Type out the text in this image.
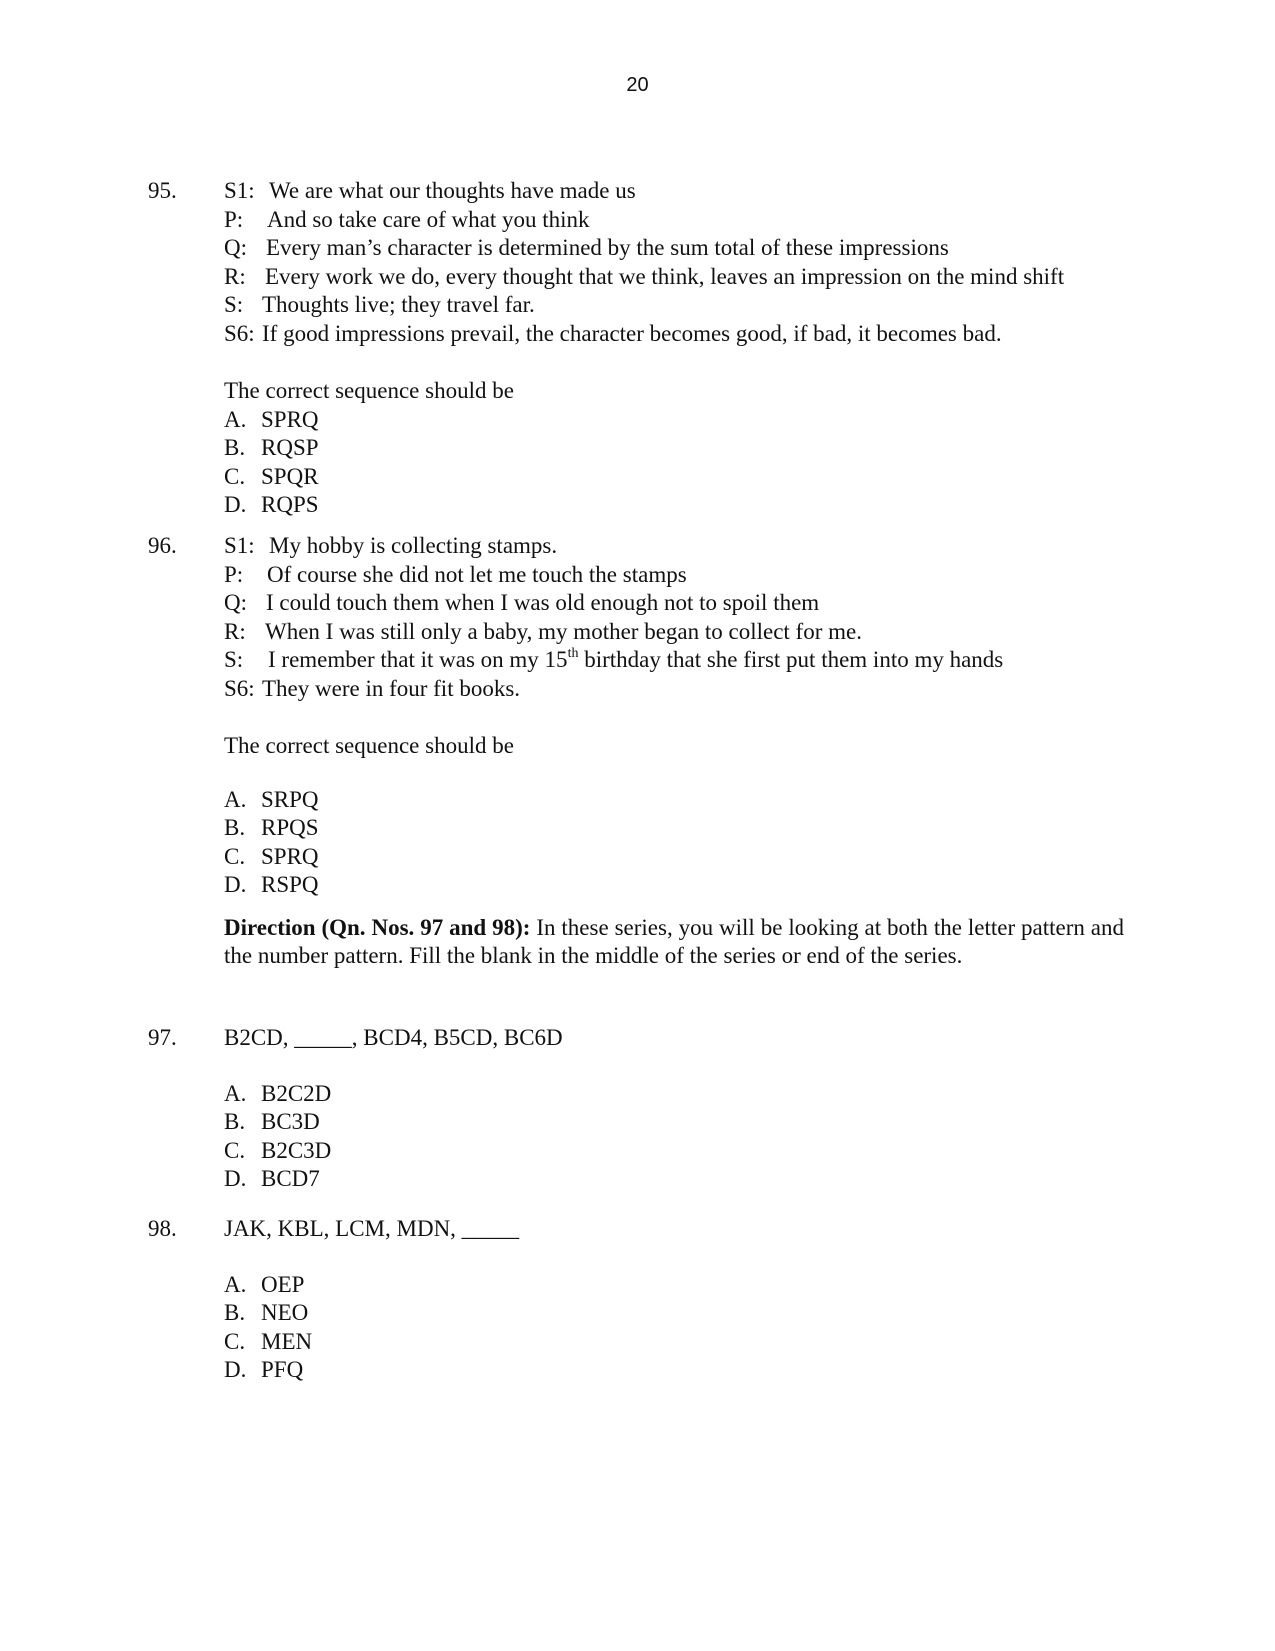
20
95. S1: We are what our thoughts have made us
P: And so take care of what you think
Q: Every man’s character is determined by the sum total of these impressions
R: Every work we do, every thought that we think, leaves an impression on the mind shift
S: Thoughts live; they travel far.
S6: If good impressions prevail, the character becomes good, if bad, it becomes bad.
The correct sequence should be
A. SPRQ
B. RQSP
C. SPQR
D. RQPS
96. S1: My hobby is collecting stamps.
P: Of course she did not let me touch the stamps
Q: I could touch them when I was old enough not to spoil them
R: When I was still only a baby, my mother began to collect for me.
S: I remember that it was on my 15th birthday that she first put them into my hands
S6: They were in four fit books.
The correct sequence should be
A. SRPQ
B. RPQS
C. SPRQ
D. RSPQ
Direction (Qn. Nos. 97 and 98): In these series, you will be looking at both the letter pattern and the number pattern. Fill the blank in the middle of the series or end of the series.
97. B2CD, _____, BCD4, B5CD, BC6D
A. B2C2D
B. BC3D
C. B2C3D
D. BCD7
98. JAK, KBL, LCM, MDN, _____
A. OEP
B. NEO
C. MEN
D. PFQ
